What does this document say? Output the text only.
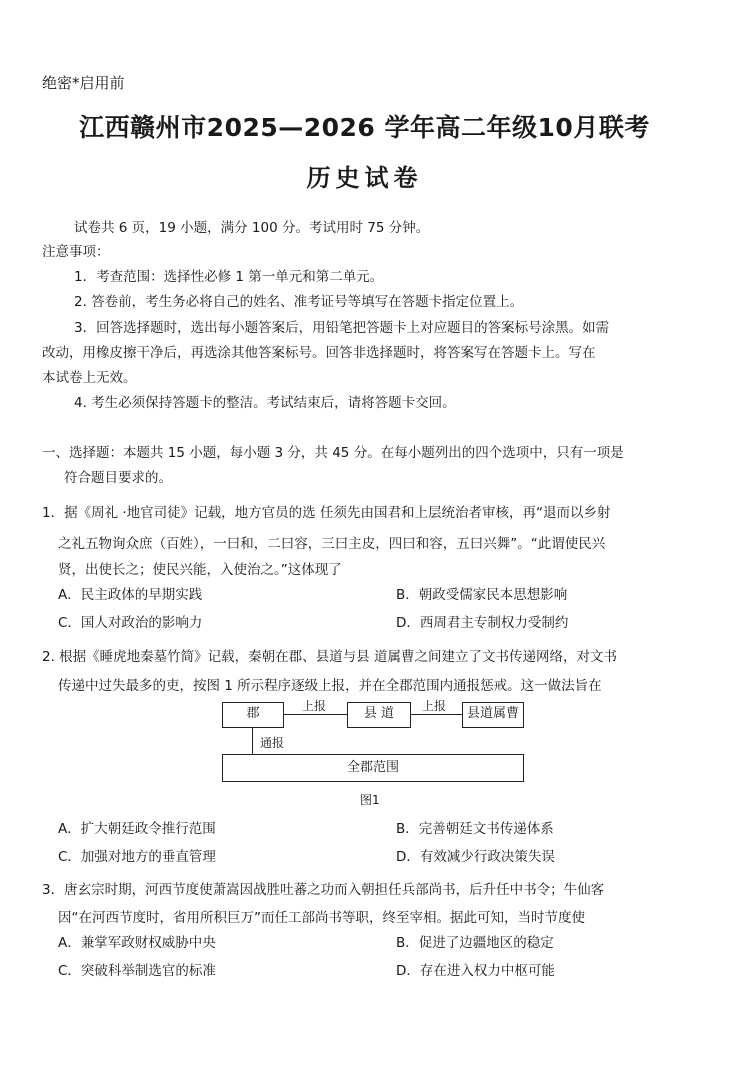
绝密*启用前
江西赣州市2025—2026 学年高二年级10月联考
历史试卷
试卷共 6 页，19 小题，满分 100 分。考试用时 75 分钟。
注意事项：
1．考查范围：选择性必修 1 第一单元和第二单元。
2. 答卷前，考生务必将自己的姓名、准考证号等填写在答题卡指定位置上。
3．回答选择题时，选出每小题答案后，用铅笔把答题卡上对应题目的答案标号涂黑。如需
改动，用橡皮擦干净后，再选涂其他答案标号。回答非选择题时，将答案写在答题卡上。写在
本试卷上无效。
4. 考生必须保持答题卡的整洁。考试结束后，请将答题卡交回。
一、选择题：本题共 15 小题，每小题 3 分，共 45 分。在每小题列出的四个选项中，只有一项是
符合题目要求的。
1．据《周礼 ·地官司徒》记载，地方官员的选 任须先由国君和上层统治者审核，再“退而以乡射
之礼五物询众庶（百姓），一曰和，二曰容，三曰主皮，四曰和容，五曰兴舞”。“此谓使民兴
贤，出使长之；使民兴能，入使治之。”这体现了
A．民主政体的早期实践	B．朝政受儒家民本思想影响
C．国人对政治的影响力	D．西周君主专制权力受制约
2. 根据《睡虎地秦墓竹简》记载，秦朝在郡、县道与县 道属曹之间建立了文书传递网络，对文书
传递中过失最多的吏，按图 1 所示程序逐级上报，并在全郡范围内通报惩戒。这一做法旨在
郡	上报	县 道	上报	县道属曹
通报
全郡范围
图1
A．扩大朝廷政令推行范围	B．完善朝廷文书传递体系
C．加强对地方的垂直管理	D．有效减少行政决策失误
3．唐玄宗时期，河西节度使萧嵩因战胜吐蕃之功而入朝担任兵部尚书，后升任中书令；牛仙客
因“在河西节度时，省用所积巨万”而任工部尚书等职，终至宰相。据此可知，当时节度使
A．兼掌军政财权威胁中央	B．促进了边疆地区的稳定
C．突破科举制选官的标准	D．存在进入权力中枢可能
